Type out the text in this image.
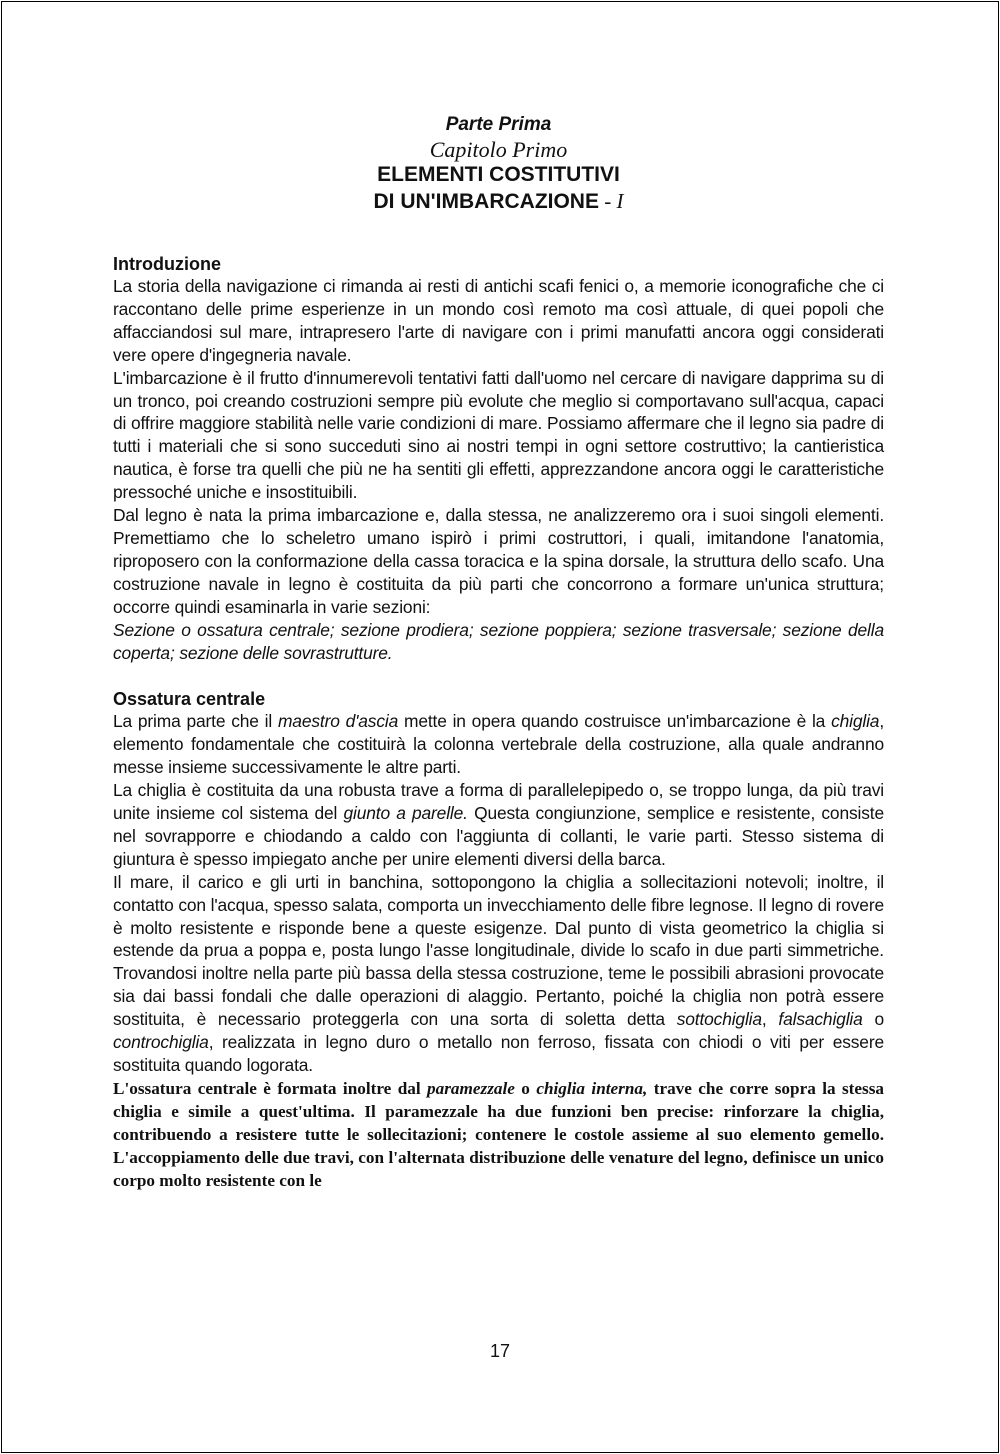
Parte Prima
Capitolo Primo
ELEMENTI COSTITUTIVI
DI UN'IMBARCAZIONE - I
Introduzione

La storia della navigazione ci rimanda ai resti di antichi scafi fenici o, a memorie iconografiche che ci raccontano delle prime esperienze in un mondo così remoto ma così attuale, di quei popoli che affacciandosi sul mare, intrapresero l'arte di navigare con i primi manufatti ancora oggi considerati vere opere d'ingegneria navale.

L'imbarcazione è il frutto d'innumerevoli tentativi fatti dall'uomo nel cercare di navigare dapprima su di un tronco, poi creando costruzioni sempre più evolute che meglio si comportavano sull'acqua, capaci di offrire maggiore stabilità nelle varie condizioni di mare. Possiamo affermare che il legno sia padre di tutti i materiali che si sono succeduti sino ai nostri tempi in ogni settore costruttivo; la cantieristica nautica, è forse tra quelli che più ne ha sentiti gli effetti, apprezzandone ancora oggi le caratteristiche pressoché uniche e insostituibili.

Dal legno è nata la prima imbarcazione e, dalla stessa, ne analizzeremo ora i suoi singoli elementi. Premettiamo che lo scheletro umano ispirò i primi costruttori, i quali, imitandone l'anatomia, riproposero con la conformazione della cassa toracica e la spina dorsale, la struttura dello scafo. Una costruzione navale in legno è costituita da più parti che concorrono a formare un'unica struttura; occorre quindi esaminarla in varie sezioni:

Sezione o ossatura centrale; sezione prodiera; sezione poppiera; sezione trasversale; sezione della coperta; sezione delle sovrastrutture.

Ossatura centrale

La prima parte che il maestro d'ascia mette in opera quando costruisce un'imbarcazione è la chiglia, elemento fondamentale che costituirà la colonna vertebrale della costruzione, alla quale andranno messe insieme successivamente le altre parti.

La chiglia è costituita da una robusta trave a forma di parallelepipedo o, se troppo lunga, da più travi unite insieme col sistema del giunto a parelle. Questa congiunzione, semplice e resistente, consiste nel sovrapporre e chiodando a caldo con l'aggiunta di collanti, le varie parti. Stesso sistema di giuntura è spesso impiegato anche per unire elementi diversi della barca.

Il mare, il carico e gli urti in banchina, sottopongono la chiglia a sollecitazioni notevoli; inoltre, il contatto con l'acqua, spesso salata, comporta un invecchiamento delle fibre legnose. Il legno di rovere è molto resistente e risponde bene a queste esigenze. Dal punto di vista geometrico la chiglia si estende da prua a poppa e, posta lungo l'asse longitudinale, divide lo scafo in due parti simmetriche. Trovandosi inoltre nella parte più bassa della stessa costruzione, teme le possibili abrasioni provocate sia dai bassi fondali che dalle operazioni di alaggio. Pertanto, poiché la chiglia non potrà essere sostituita, è necessario proteggerla con una sorta di soletta detta sottochiglia, falsachiglia o controchiglia, realizzata in legno duro o metallo non ferroso, fissata con chiodi o viti per essere sostituita quando logorata.

L'ossatura centrale è formata inoltre dal paramezzale o chiglia interna, trave che corre sopra la stessa chiglia e simile a quest'ultima. Il paramezzale ha due funzioni ben precise: rinforzare la chiglia, contribuendo a resistere tutte le sollecitazioni; contenere le costole assieme al suo elemento gemello. L'accoppiamento delle due travi, con l'alternata distribuzione delle venature del legno, definisce un unico corpo molto resistente con le

17
